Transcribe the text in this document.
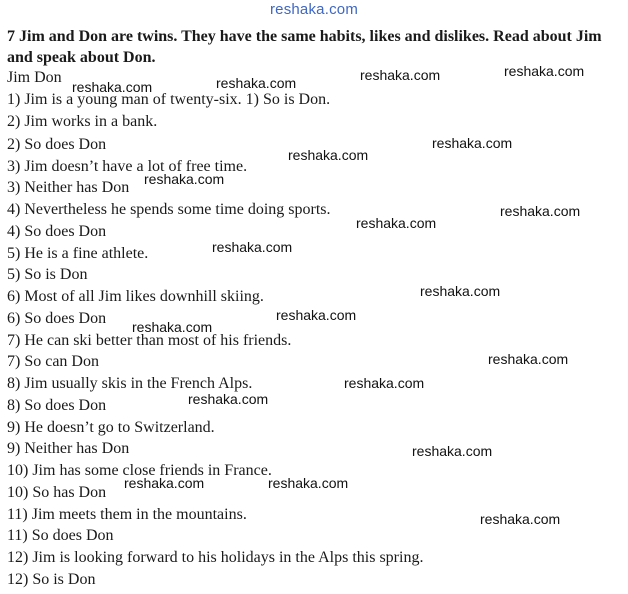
reshaka.com
7 Jim and Don are twins. They have the same habits, likes and dislikes. Read about Jim and speak about Don.
Jim Don
1) Jim is a young man of twenty-six. 1) So is Don.
2) Jim works in a bank.
2) So does Don
3) Jim doesn’t have a lot of free time.
3) Neither has Don
4) Nevertheless he spends some time doing sports.
4) So does Don
5) He is a fine athlete.
5) So is Don
6) Most of all Jim likes downhill skiing.
6) So does Don
7) He can ski better than most of his friends.
7) So can Don
8) Jim usually skis in the French Alps.
8) So does Don
9) He doesn’t go to Switzerland.
9) Neither has Don
10) Jim has some close friends in France.
10) So has Don
11) Jim meets them in the mountains.
11) So does Don
12) Jim is looking forward to his holidays in the Alps this spring.
12) So is Don
reshaka.com	reshaka.com	reshaka.com	reshaka.com
reshaka.com
reshaka.com
reshaka.com
reshaka.com
reshaka.com
reshaka.com
reshaka.com
reshaka.com
reshaka.com
reshaka.com
reshaka.com
reshaka.com
reshaka.com
reshaka.com
reshaka.com
reshaka.com
